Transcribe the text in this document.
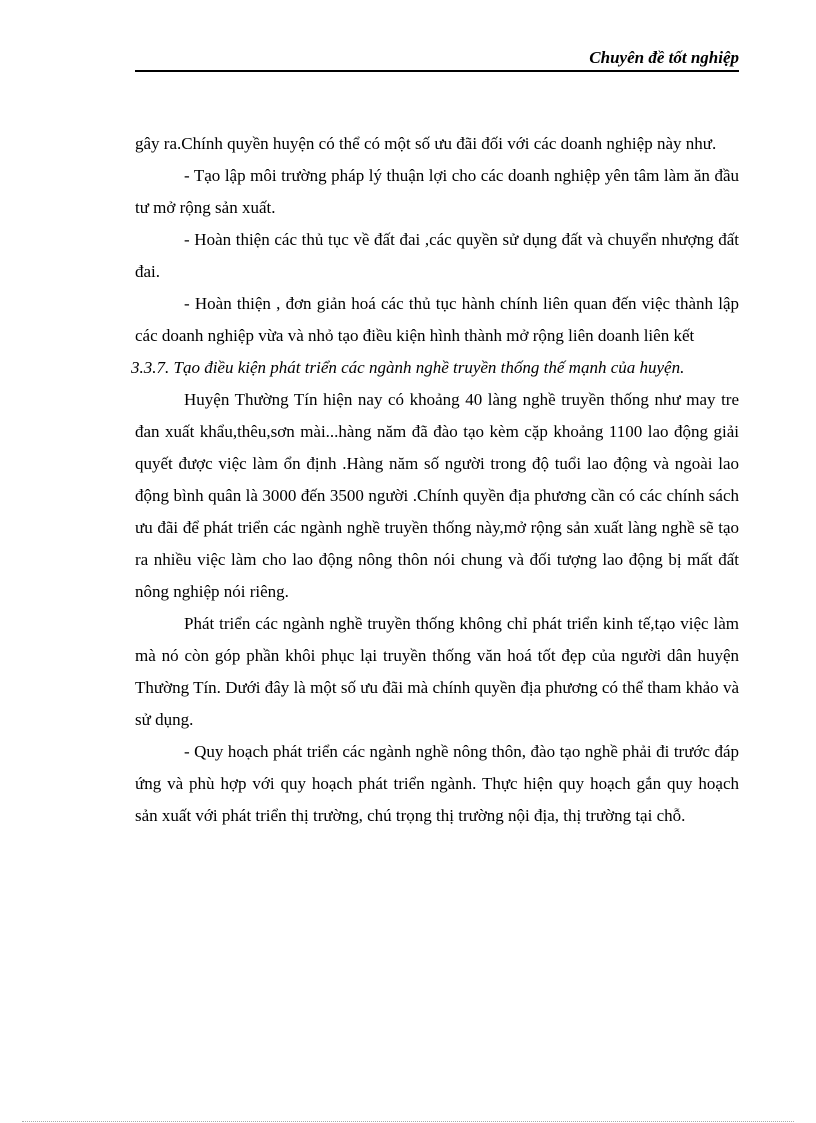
Chuyên đề tốt nghiệp

gây ra.Chính quyền huyện có thể có một số ưu đãi đối với các doanh nghiệp này như.

- Tạo lập môi trường pháp lý thuận lợi cho các doanh nghiệp yên tâm làm ăn đầu tư mở rộng sản xuất.

- Hoàn thiện các thủ tục về đất đai ,các quyền sử dụng đất và chuyển nhượng đất đai.

- Hoàn thiện , đơn giản hoá các thủ tục hành chính liên quan đến việc thành lập các doanh nghiệp vừa và nhỏ tạo điều kiện hình thành mở rộng liên doanh liên kết

3.3.7. Tạo điều kiện phát triển các ngành nghề truyền thống thế mạnh của huyện.

Huyện Thường Tín hiện nay có khoảng 40 làng nghề truyền thống như may tre đan xuất khẩu,thêu,sơn mài...hàng năm đã đào tạo kèm cặp khoảng 1100 lao động giải quyết được việc làm ổn định .Hàng năm số người trong độ tuổi lao động và ngoài lao động bình quân là 3000 đến 3500 người .Chính quyền địa phương cần có các chính sách ưu đãi để phát triển các ngành nghề truyền thống này,mở rộng sản xuất làng nghề sẽ tạo ra nhiều việc làm cho lao động nông thôn nói chung và đối tượng lao động bị mất đất nông nghiệp nói riêng.

Phát triển các ngành nghề truyền thống không chỉ phát triển kinh tế,tạo việc làm mà nó còn góp phần khôi phục lại truyền thống văn hoá tốt đẹp của người dân huyện Thường Tín. Dưới đây là một số ưu đãi mà chính quyền địa phương có thể tham khảo và sử dụng.

- Quy hoạch phát triển các ngành nghề nông thôn, đào tạo nghề phải đi trước đáp ứng và phù hợp với quy hoạch phát triển ngành. Thực hiện quy hoạch gắn quy hoạch sản xuất với phát triển thị trường, chú trọng thị trường nội địa, thị trường tại chỗ.
